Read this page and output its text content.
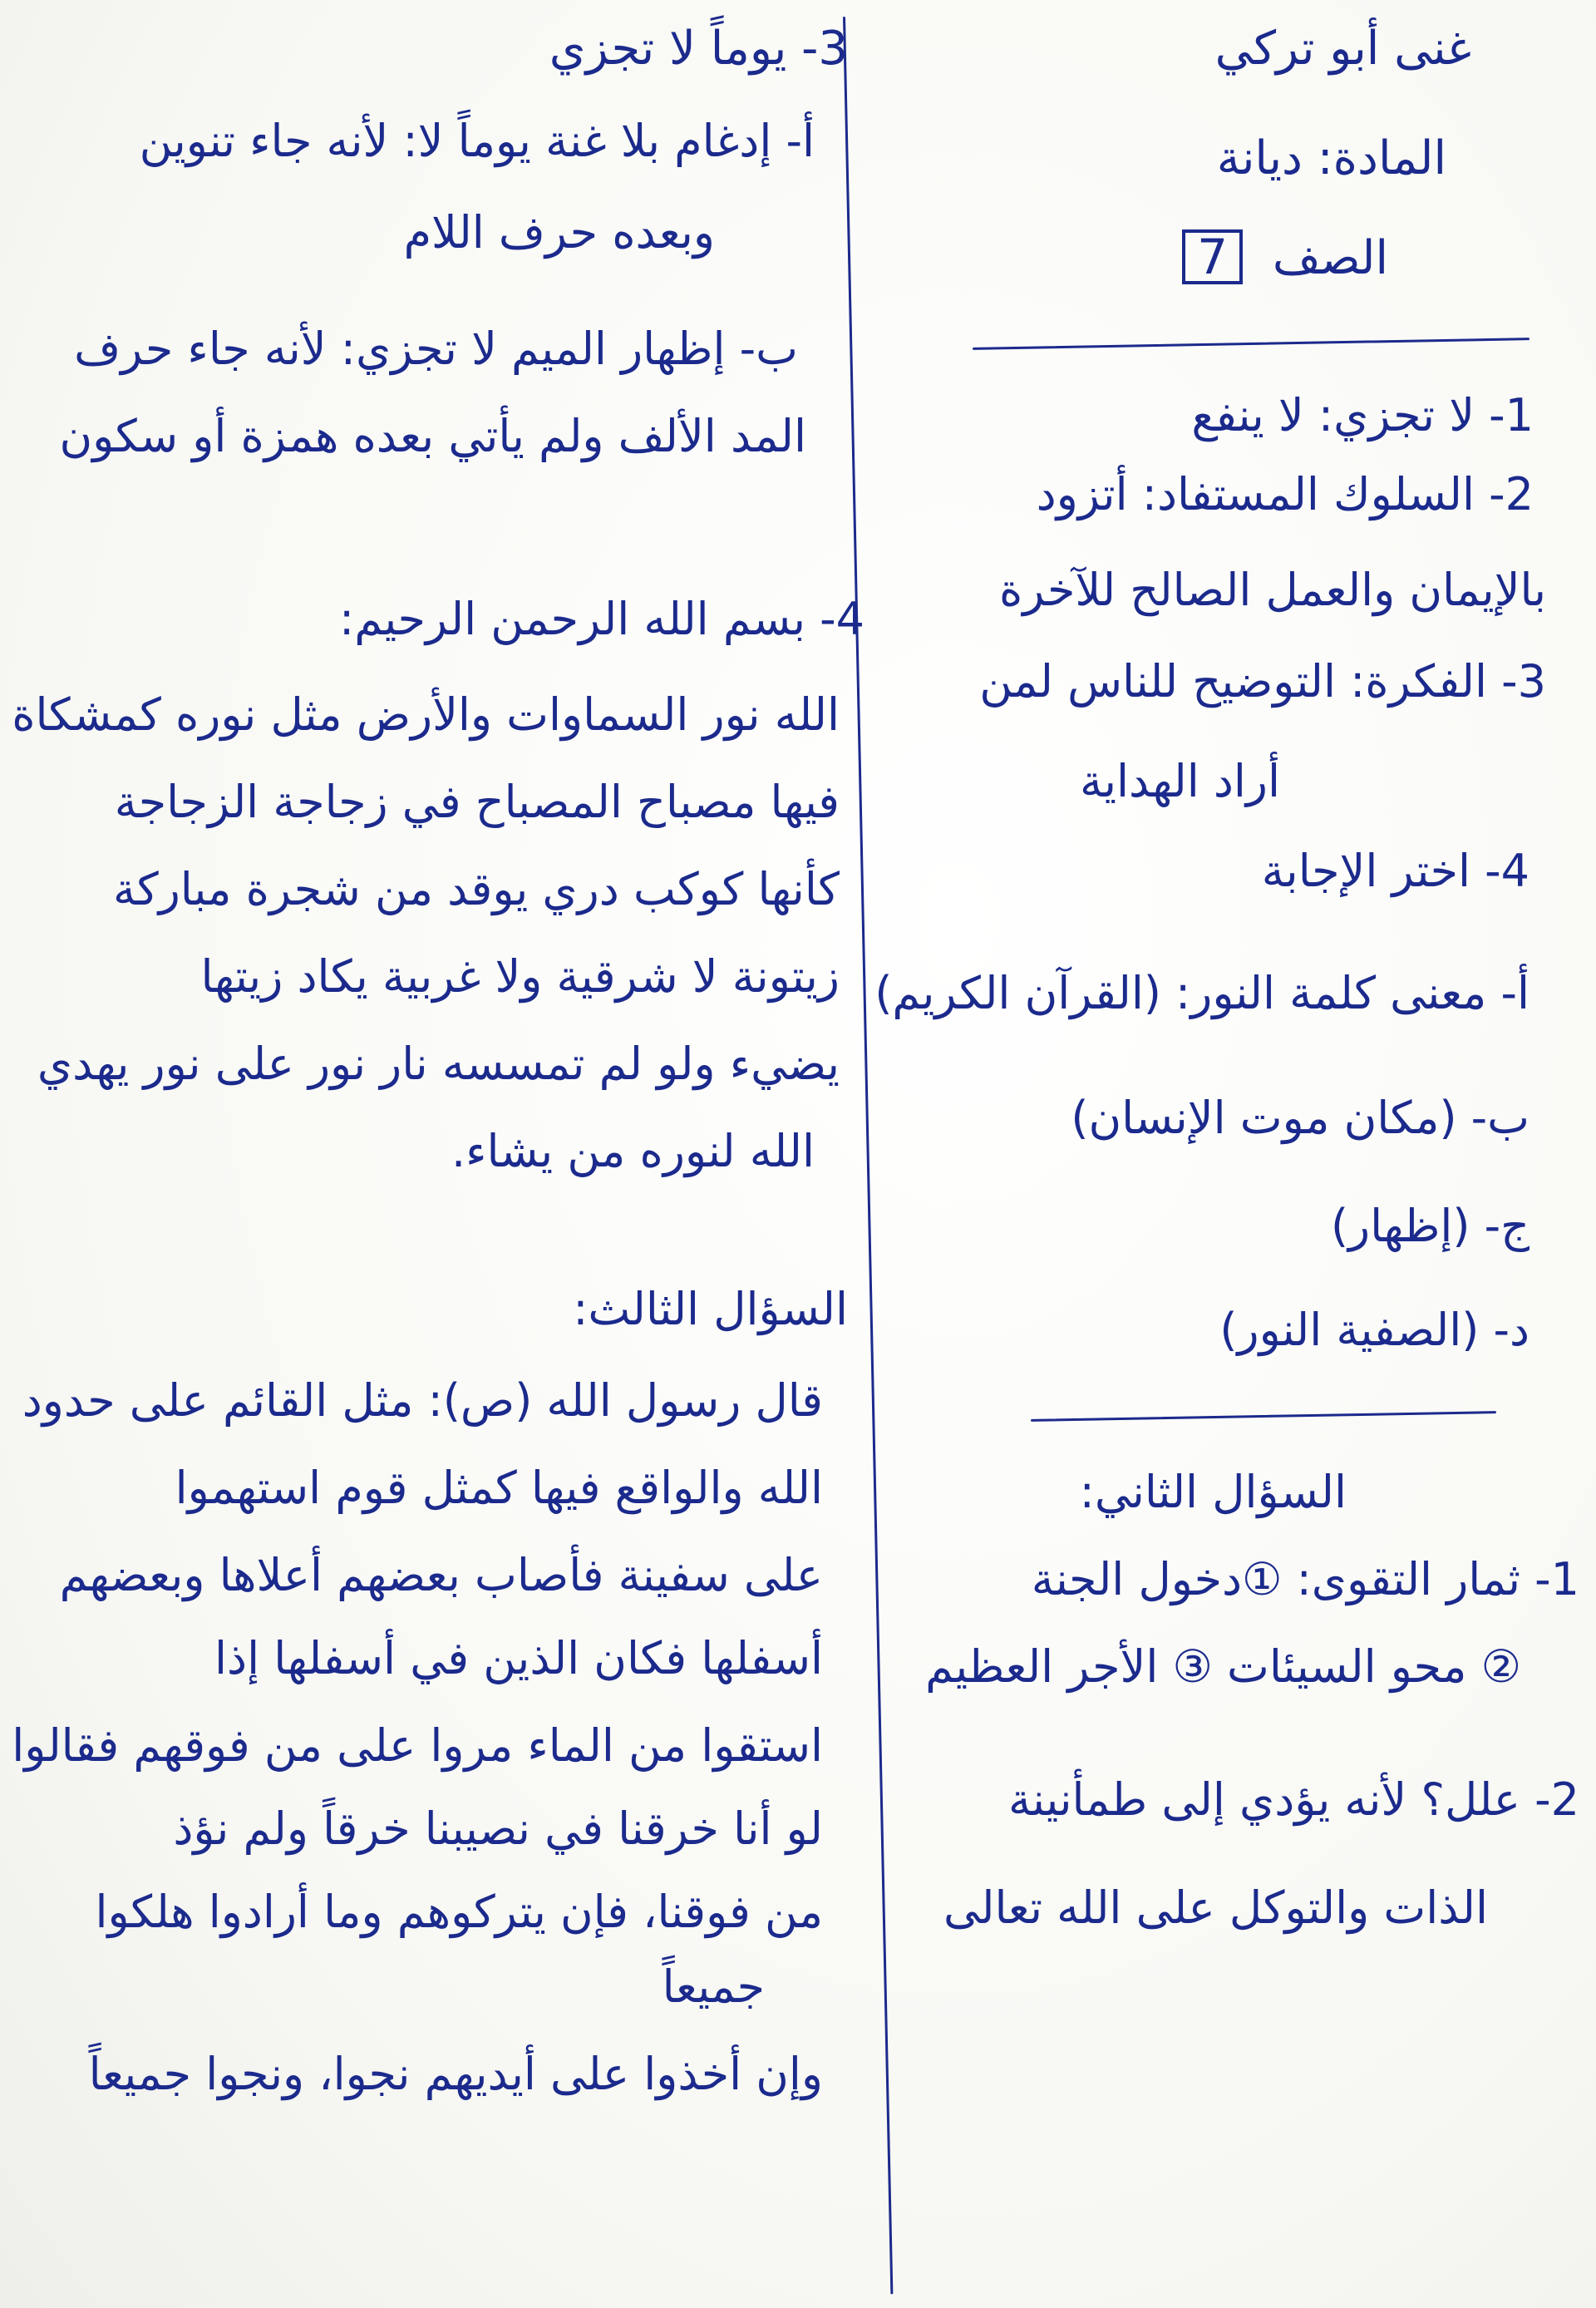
غنى أبو تركي
المادة: ديانة
الصف 7
1- لا تجزي: لا ينفع
2- السلوك المستفاد: أتزود
بالإيمان والعمل الصالح للآخرة
3- الفكرة: التوضيح للناس لمن
أراد الهداية
4- اختر الإجابة
أ- معنى كلمة النور: (القرآن الكريم)
ب- (مكان موت الإنسان)
ج- (إظهار)
د- (الصفية النور)
السؤال الثاني:
1- ثمار التقوى: ①دخول الجنة
② محو السيئات ③ الأجر العظيم
2- علل؟ لأنه يؤدي إلى طمأنينة
الذات والتوكل على الله تعالى
3- يوماً لا تجزي
أ- إدغام بلا غنة يوماً لا: لأنه جاء تنوين
وبعده حرف اللام
ب- إظهار الميم لا تجزي: لأنه جاء حرف
المد الألف ولم يأتي بعده همزة أو سكون
4- بسم الله الرحمن الرحيم:
الله نور السماوات والأرض مثل نوره كمشكاة
فيها مصباح المصباح في زجاجة الزجاجة
كأنها كوكب دري يوقد من شجرة مباركة
زيتونة لا شرقية ولا غربية يكاد زيتها
يضيء ولو لم تمسسه نار نور على نور يهدي
الله لنوره من يشاء.
السؤال الثالث:
قال رسول الله (ص): مثل القائم على حدود
الله والواقع فيها كمثل قوم استهموا
على سفينة فأصاب بعضهم أعلاها وبعضهم
أسفلها فكان الذين في أسفلها إذا
استقوا من الماء مروا على من فوقهم فقالوا
لو أنا خرقنا في نصيبنا خرقاً ولم نؤذ
من فوقنا، فإن يتركوهم وما أرادوا هلكوا
جميعاً
وإن أخذوا على أيديهم نجوا، ونجوا جميعاً
